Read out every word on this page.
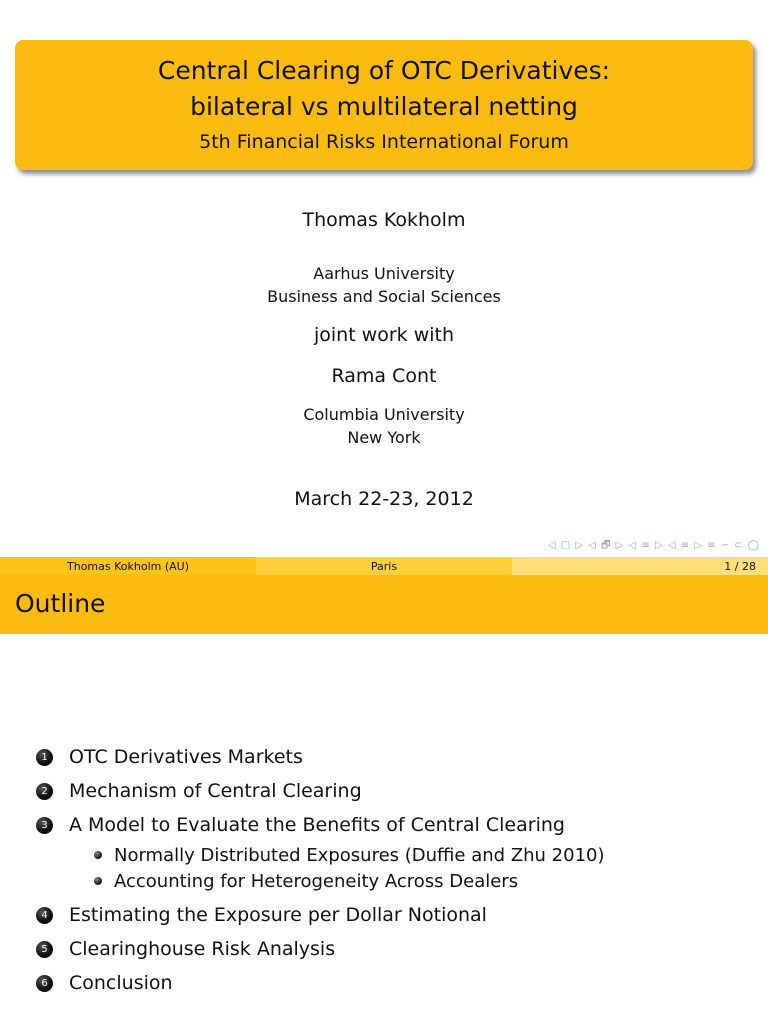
Central Clearing of OTC Derivatives:
bilateral vs multilateral netting
5th Financial Risks International Forum
Thomas Kokholm
Aarhus University
Business and Social Sciences
joint work with
Rama Cont
Columbia University
New York
March 22-23, 2012
◁ □ ▷ ◁ 🗗 ▷ ◁ ≡ ▷ ◁ ≡ ▷ ≡ ∽ ⊂ ◯
Thomas Kokholm (AU)	Paris	1 / 28
Outline
1 OTC Derivatives Markets
2 Mechanism of Central Clearing
3 A Model to Evaluate the Benefits of Central Clearing
Normally Distributed Exposures (Duffie and Zhu 2010)
Accounting for Heterogeneity Across Dealers
4 Estimating the Exposure per Dollar Notional
5 Clearinghouse Risk Analysis
6 Conclusion
